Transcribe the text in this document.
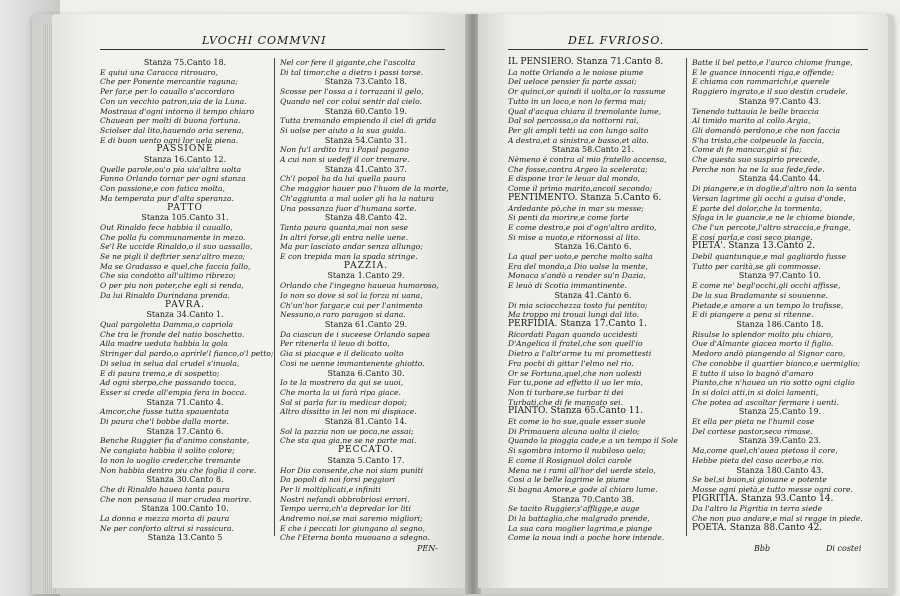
LVOCHI COMMVNI
Stanza 75.Canto 18.
E quiui una Caracca ritrouaro,
Che per Ponente mercantie raguna;
Per far,e per lo cauallo s'accordaro
Con un vecchio patron,uia de la Luna.
Mostraua d'ogni intorno il tempo chiaro
Chauean per molti di buona fortuna.
Sciolser dal lito,hauendo aria serena,
E di buon uento ogni lor uela piena.
PASSIONE
Stanza 16.Canto 12.
Quelle parole,ou'o pia uia'altra uolta
Fanno Orlando tornar per ogni stanza
Con passione,e con fatica molta,
Ma temperata pur d'alta speranza.
PATTO
Stanza 105.Canto 31.
Out Rinaldo fece habbia il cauallo,
Che polla fu communamente in mezo.
Se'l Re uccide Rinaldo,o il suo uassallo,
Se ne pigli il deftrier senz'altro mezo;
Ma se Gradasso e quel,che faccia fallo,
Che sia condotto all'ultimo ribrezo;
O per piu non poter,che egli si renda,
Da lui Rinaldo Durindana prenda.
PAVRA.
Stanza 34.Canto 1.
Qual pargoletta Damma,o capriola
Che tra le fronde del natio boschetto.
Alla madre ueduta habbia la gola
Stringer dal pardo,o aprirle'l fianco,o'l petto;
Di selua in selua dal crudel s'inuola,
E di paura trema,e di sospetto;
Ad ogni sterpo,che passando tocca,
Esser si crede all'empia fera in bocca.
Stanza 71.Canto 4.
Amcor,che fusse tutta spauentata
Di paura che'l bobbe dalla morte.
Stanza 17.Canto 6.
Benche Ruggier fia d'animo constante,
Ne cangiato habbia il solito colore;
Io non lo uoglio creder,che tremante
Non habbia dentro piu che foglia il core.
Stanza 30.Canto 8.
Che di Rinaldo hauea tanta paura
Che non pensaua il mar crudea morire.
Stanza 100.Canto 10.
La donna e mezza morta di paura
Ne per conforto altrui si rassicura.
Stanza 13.Canto 5
Nel cor fere il gigante,che l'ascolta
Di tal timor,che a dietro i passi torse.
Stanza 73.Canto 18.
Scosse per l'ossa a i torrazani il gelo,
Quando nel cor colui sentir dal cielo.
Stanza 60.Canto 19.
Tutta tremando empiendo il ciel di grida
Si uolse per aiuto a la sua guida.
Stanza 54.Canto 31.
Non fu'l ardito tra i Papal pagano
A cui non si uedeff il cor tremare.
Stanza 41.Canto 37.
Ch'l popol ha da lui quella paura
Che maggior hauer puo l'huom de la morte,
Ch'aggiunta a mal uoler gli ha la natura
Una possanza fuor d'humana sorte.
Stanza 48.Canto 42.
Tanta paura quanta,mai non sese
In altri forse,gli entra nelle uene.
Ma pur lasciato andar senza allungo;
E con trepida man la spada stringe.
PAZZIA.
Stanza 1.Canto 29.
Orlando che l'ingegno haueua humoroso,
Io non so dove si sol la forza ni uana,
Ch'un'hor fargar,e cui per l'animento
Nessuno,o raro paragon si dana.
Stanza 61.Canto 29.
Da ciascun de i suceese Orlando sapea
Per ritenerla il leuo di botto,
Gia si piacque e il delicato uolto
Cosi ne uenne immantenente ghiotto.
Stanza 6.Canto 30.
Io te la mostrero da qui se uuoi,
Che morta la ui farà ripa giace.
Sol si parla fur iu medicar dopoi;
Altro dissitto in lei non mi dispiace.
Stanza 81.Canto 14.
Sol la pazzia non ue poca,ne assai;
Che sta qua gia,ne se ne parte mai.
PECCATO.
Stanza 5.Canto 17.
Hor Dio consente,che noi siam puniti
Da popoli di noi forsi peggiori
Per li moltiplicati,e infiniti
Nostri nefandi obbrobriosi errori.
Tempo uerra,ch'a depredar lor liti
Andremo noi,se mai saremo migliori;
E che i peccati lor giungano al segno,
Che l'Eterna bonta muouano a sdegno.
PEN-
DEL FVRIOSO.
IL PENSIERO. Stanza 71.Canto 8.
La notte Orlando a le noiose piume
Del ueloce pensier fa parte assai;
Or quinci,or quindi il uolta,or lo rassume
Tutto in un loco,e non lo ferma mai;
Qual d'acqua chiara il tremolante lume,
Dal sol percossa,o da nottorni rai,
Per gli ampli tetti ua con lungo salto
A destra,et a sinistra,e basso,et alto.
Stanza 58.Canto 21.
Nèmeno è contra al mio fratello accensa,
Che fosse,contra Argeo la scelerata;
E dispone trar le leuar dal mondo,
Come il primo marito,ancoil secondo;
PENTIMENTO. Stanza 5.Canto 6.
Ardedante pò,che in mar su messe;
Si penti da morire,e come forte
E come destro,e poi d'ogn'altro ardito,
Si mise a nuoto,e ritornossi al lito.
Stanza 16.Canto 6.
La qual per uoto,e perche molto salta
Era del mondo,a Dio uolse la mente,
Monaca s'andò a render su'n Dazia,
E leuò di Scotia immantinente.
Stanza 41.Canto 6.
Di mia sciocchezza tosto fui pentito;
Ma troppo mi trouai lungi dal lito.
PERFIDIA. Stanza 17.Canto 1.
Ricordati Pagan quando uccidesti
D'Angelica il fratel,che son quell'io
Dietro a l'altr'arme tu mi promettesti
Fra pochi di gittar l'elmo nel rio.
Or se Fortuna,quel,che non uolesti
Far tu,pone ad effetto il uo ler mio,
Non ti turbare,se turbar ti dei
Turbati,che di fe mancato sei.
PIANTO. Stanza 65.Canto 11.
Et come io ho sue,quale esser suole
Di Primauera alcuna uolta il cielo;
Quando la pioggia cade,e a un tempo il Sole
Si sgombra intorno il nubiloso uelo;
E come il Rosignuol dolci carole
Mena ne i rami all'hor del uerde stelo,
Cosi a le belle lagrime le piume
Si bagna Amore,e gode al chiaro lume.
Stanza 70.Canto 38.
Se tacito Ruggier,s'affligge,e auge
Di la battaglia,che malgrado prende,
La sua cara moglier lagrima,e piange
Come la noua indi a poche hore intende.
Batte il bel petto,e l'aurco chiome frange,
E le guance innocenti riga,e offende;
E chiama con rammarichi,e querele
Ruggiero ingrato,e il suo destin crudele.
Stanza 97.Canto 43.
Tenendo tuttauia le belle braccia
Al timido marito al collo Argia,
Gli domandò perdono,e che non faccia
S'ha trista,che colpeuole la faccia,
Come di fe mancar,già si fia;
Che questa suo suspirio precede,
Perche non ha ne la sua fede,fede.
Stanza 44.Canto 44.
Di piangere,e in doglie,d'altro non la senta
Versan lagrime gli occhi a guisa d'onde,
E parte del dolor,che la tormenta,
Sfoga in le guancie,e ne le chiome bionde,
Che l'un percote,l'altro straccia,e frange,
E cosi parla,e cosi seco piange.
PIETA'. Stanza 13.Canto 2.
Debil quantunque,e mal gagliardo fusse
Tutto per carità,se gli commosse.
Stanza 97.Canto 10.
E come ne' begl'occhi,gli occhi affisse,
De la sua Bradamante si souuenne.
Pietade,e amore a un tempo lo trafisse,
E di piangere a pena si ritenne.
Stanza 186.Canto 18.
Risulse lo splendor molto piu chiaro,
Oue d'Almante giacea morto il figlio.
Medoro andò piangendo al Signor caro,
Che conobbe il quartier bianco,e uermiglio;
E tutto il uiso lo bagnò d'amaro
Pianto,che n'hauea un rio sotto ogni ciglio
In si dolci atti,in si dolci lamenti,
Che potea ad ascoltar fermare i uenti.
Stanza 25.Canto 19.
Et ella per pieta ne l'humil cose
Del cortese pastor,seco rimase.
Stanza 39.Canto 23.
Ma,come quel,ch'auea pietoso il core,
Hebbe pieta del caso acerbo,e rio.
Stanza 180.Canto 43.
Se bel,si buon,si giouane e potente
Mosse ogni pietà,e tutto messe ogni core.
PIGRITIA. Stanza 93.Canto 14.
Da l'altro la Pigritia in terra siede
Che non puo andare,e mal si regge in piede.
POETA. Stanza 88.Canto 42.
Bbb	Di costei
